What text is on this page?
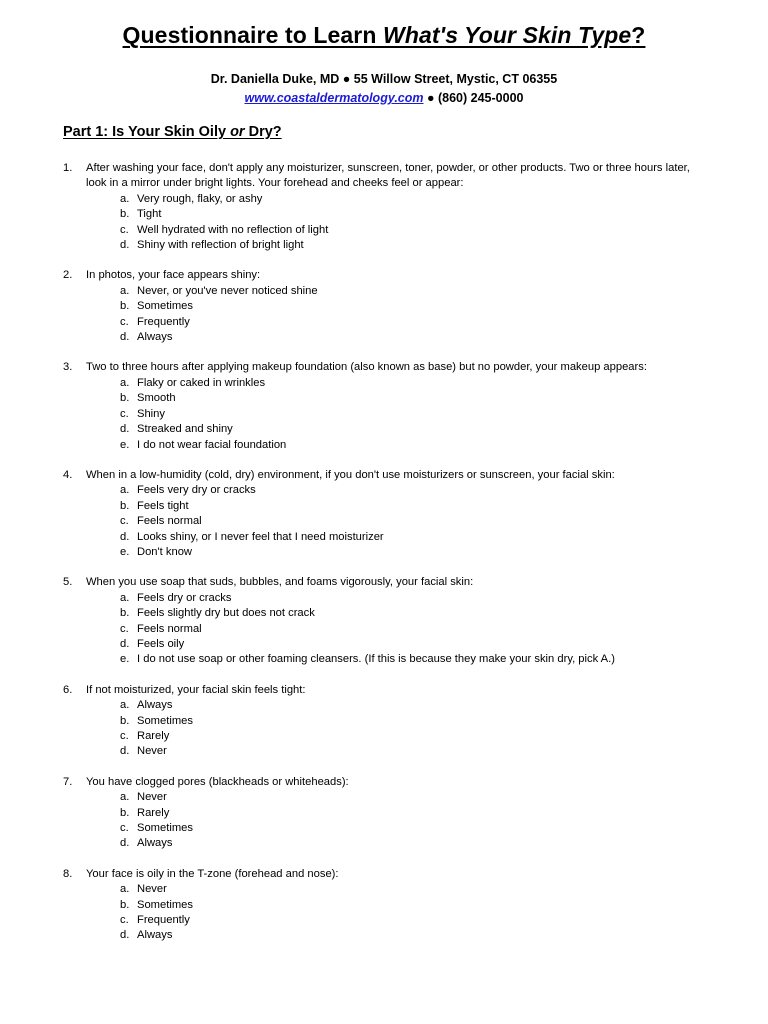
Questionnaire to Learn What's Your Skin Type?
Dr. Daniella Duke, MD ● 55 Willow Street, Mystic, CT 06355
www.coastaldermatology.com ● (860) 245-0000
Part 1: Is Your Skin Oily or Dry?
1.	After washing your face, don't apply any moisturizer, sunscreen, toner, powder, or other products. Two or three hours later, look in a mirror under bright lights. Your forehead and cheeks feel or appear:
a. Very rough, flaky, or ashy
b. Tight
c. Well hydrated with no reflection of light
d. Shiny with reflection of bright light
2.	In photos, your face appears shiny:
a. Never, or you've never noticed shine
b. Sometimes
c. Frequently
d. Always
3.	Two to three hours after applying makeup foundation (also known as base) but no powder, your makeup appears:
a. Flaky or caked in wrinkles
b. Smooth
c. Shiny
d. Streaked and shiny
e. I do not wear facial foundation
4.	When in a low-humidity (cold, dry) environment, if you don't use moisturizers or sunscreen, your facial skin:
a. Feels very dry or cracks
b. Feels tight
c. Feels normal
d. Looks shiny, or I never feel that I need moisturizer
e. Don't know
5.	When you use soap that suds, bubbles, and foams vigorously, your facial skin:
a. Feels dry or cracks
b. Feels slightly dry but does not crack
c. Feels normal
d. Feels oily
e. I do not use soap or other foaming cleansers. (If this is because they make your skin dry, pick A.)
6.	If not moisturized, your facial skin feels tight:
a. Always
b. Sometimes
c. Rarely
d. Never
7.	You have clogged pores (blackheads or whiteheads):
a. Never
b. Rarely
c. Sometimes
d. Always
8.	Your face is oily in the T-zone (forehead and nose):
a. Never
b. Sometimes
c. Frequently
d. Always
